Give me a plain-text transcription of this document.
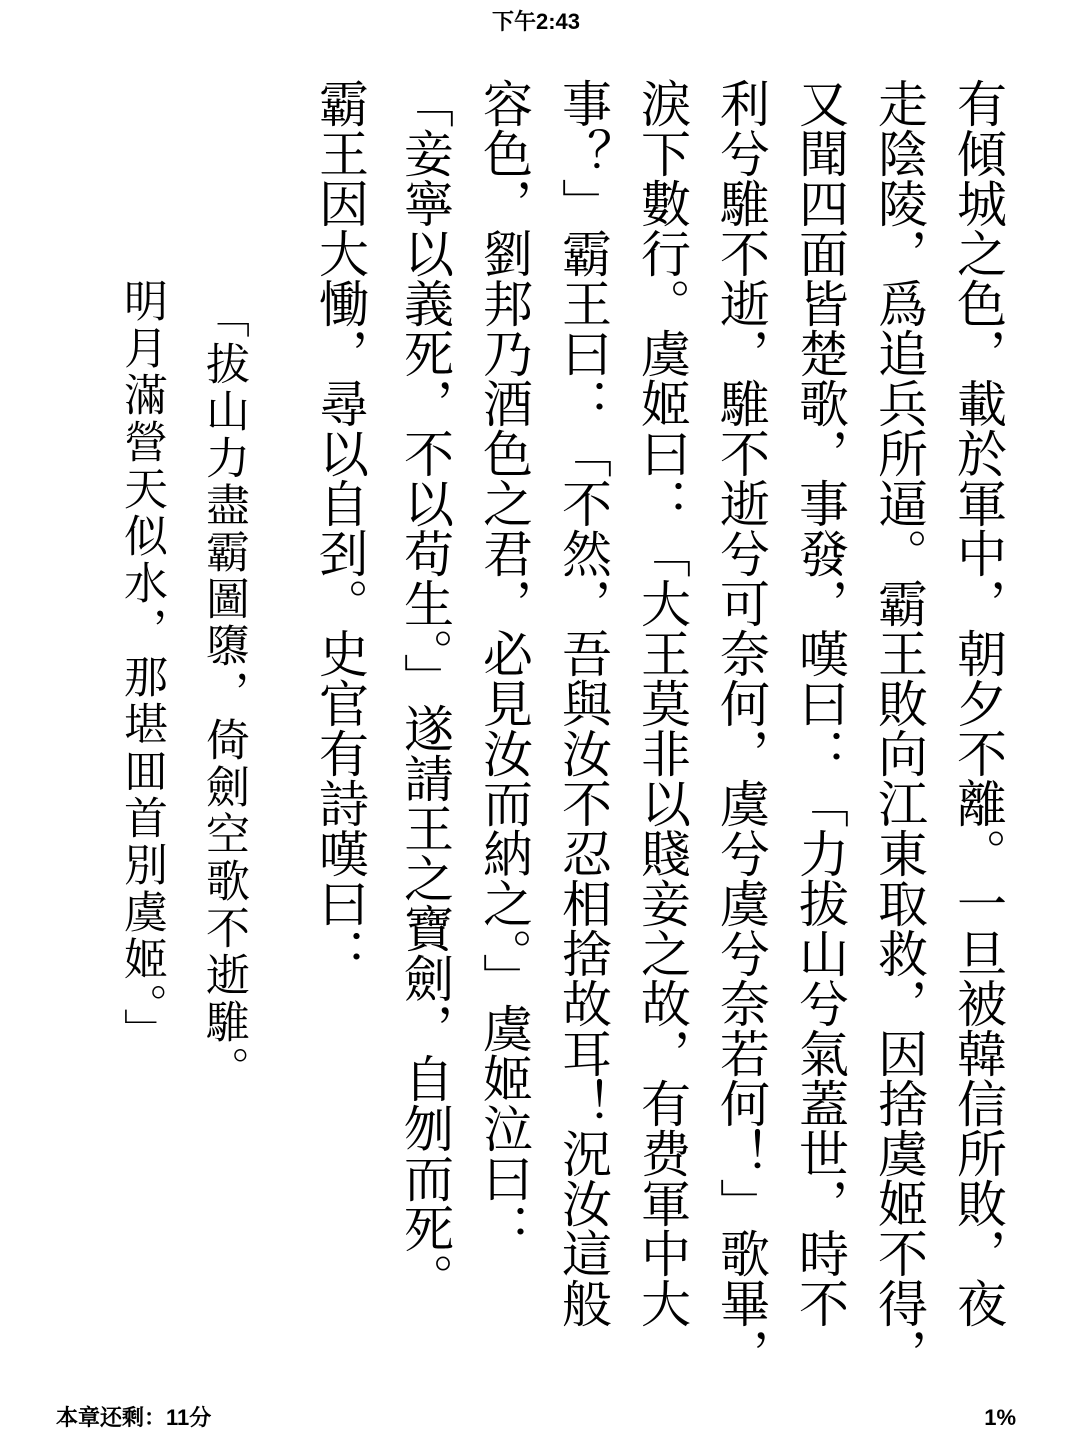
下午2:43
有傾城之色，載於軍中，朝夕不離。一旦被韓信所敗，夜
走陰陵，爲追兵所逼。霸王敗向江東取救，因捨虞姬不得，
又聞四面皆楚歌，事發，嘆曰：「力拔山兮氣蓋世，時不
利兮騅不逝，騅不逝兮可奈何，虞兮虞兮奈若何！」歌畢，
淚下數行。虞姬曰：「大王莫非以賤妾之故，有费軍中大
事？」霸王曰：「不然，吾與汝不忍相捨故耳！況汝這般
容色，劉邦乃酒色之君，必見汝而納之。」虞姬泣曰：
「妾寧以義死，不以苟生。」遂請王之寶劍，自刎而死。
霸王因大慟，尋以自刭。史官有詩嘆曰：
「拔山力盡霸圖隳，倚劍空歌不逝騅。
明月滿營天似水，那堪囬首別虞姬。」
本章还剩：11分	1%
